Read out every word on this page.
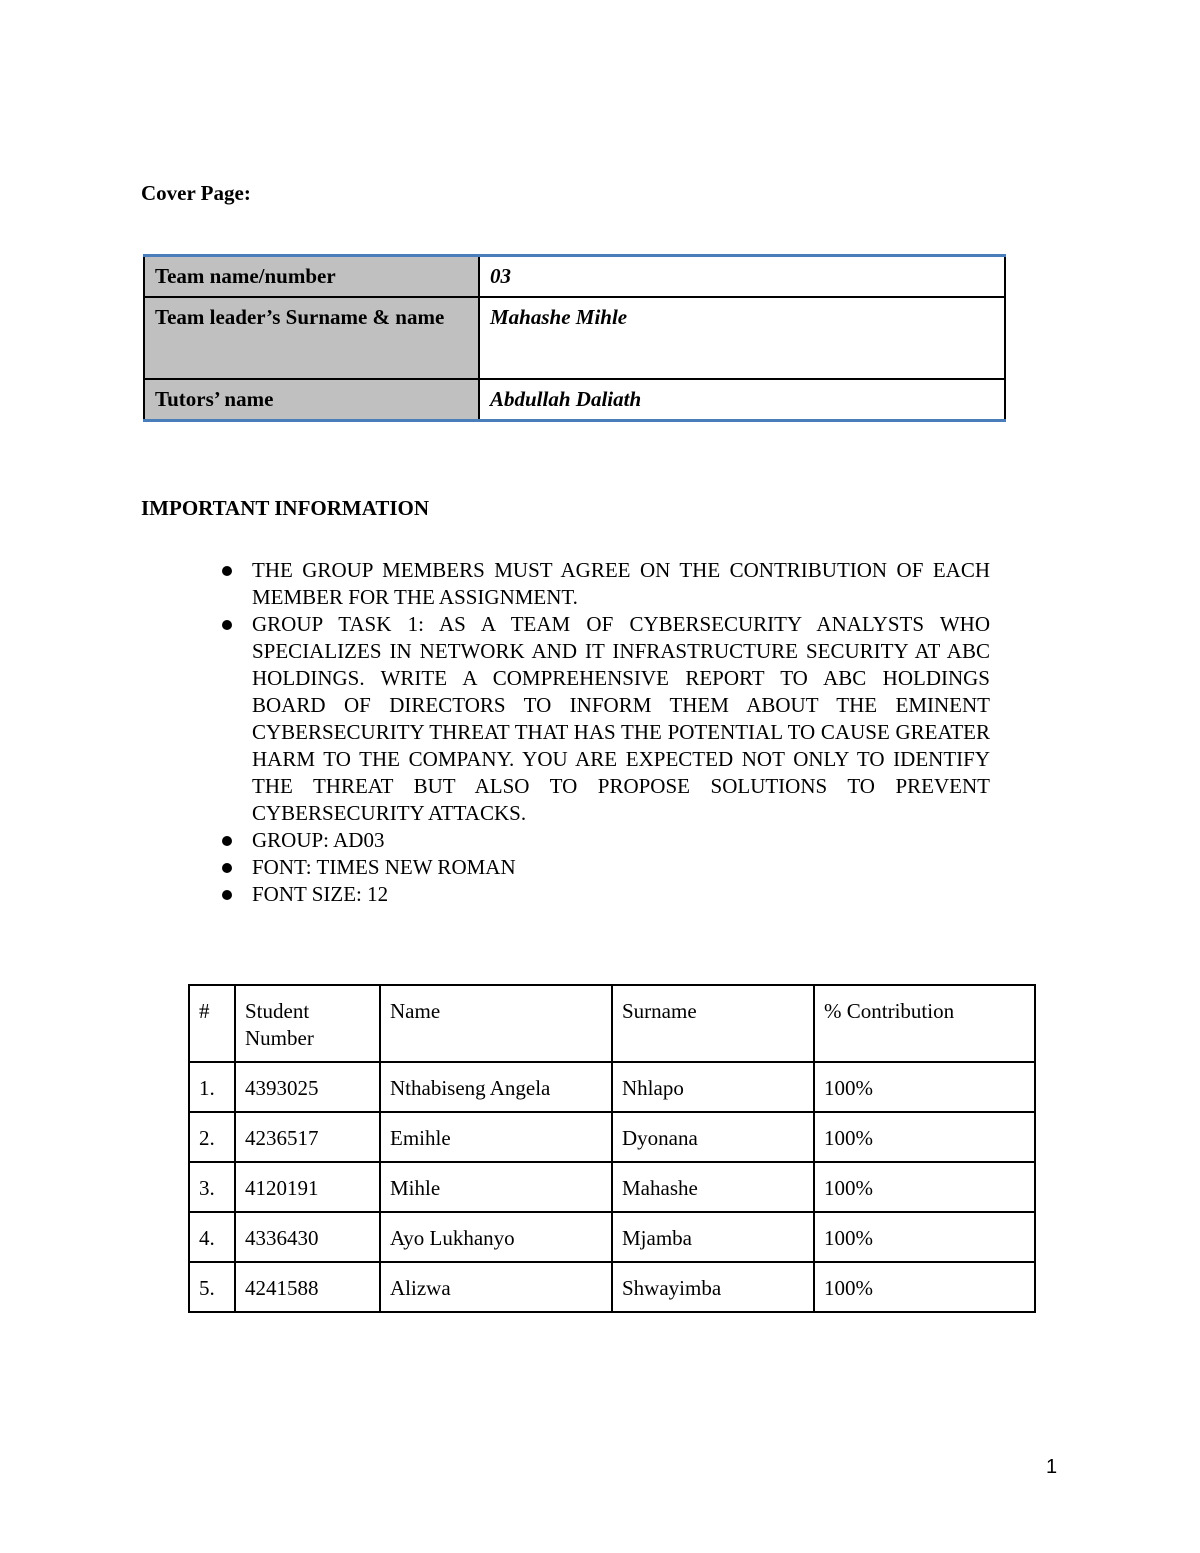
Cover Page:
Team name/number	03
Team leader’s Surname & name	Mahashe Mihle
Tutors’ name	Abdullah Daliath
IMPORTANT INFORMATION
THE GROUP MEMBERS MUST AGREE ON THE CONTRIBUTION OF EACH MEMBER FOR THE ASSIGNMENT.
GROUP TASK 1: AS A TEAM OF CYBERSECURITY ANALYSTS WHO SPECIALIZES IN NETWORK AND IT INFRASTRUCTURE SECURITY AT ABC HOLDINGS. WRITE A COMPREHENSIVE REPORT TO ABC HOLDINGS BOARD OF DIRECTORS TO INFORM THEM ABOUT THE EMINENT CYBERSECURITY THREAT THAT HAS THE POTENTIAL TO CAUSE GREATER HARM TO THE COMPANY. YOU ARE EXPECTED NOT ONLY TO IDENTIFY THE THREAT BUT ALSO TO PROPOSE SOLUTIONS TO PREVENT CYBERSECURITY ATTACKS.
GROUP: AD03
FONT: TIMES NEW ROMAN
FONT SIZE: 12
#	Student Number	Name	Surname	% Contribution
1.	4393025	Nthabiseng Angela	Nhlapo	100%
2.	4236517	Emihle	Dyonana	100%
3.	4120191	Mihle	Mahashe	100%
4.	4336430	Ayo Lukhanyo	Mjamba	100%
5.	4241588	Alizwa	Shwayimba	100%
1
